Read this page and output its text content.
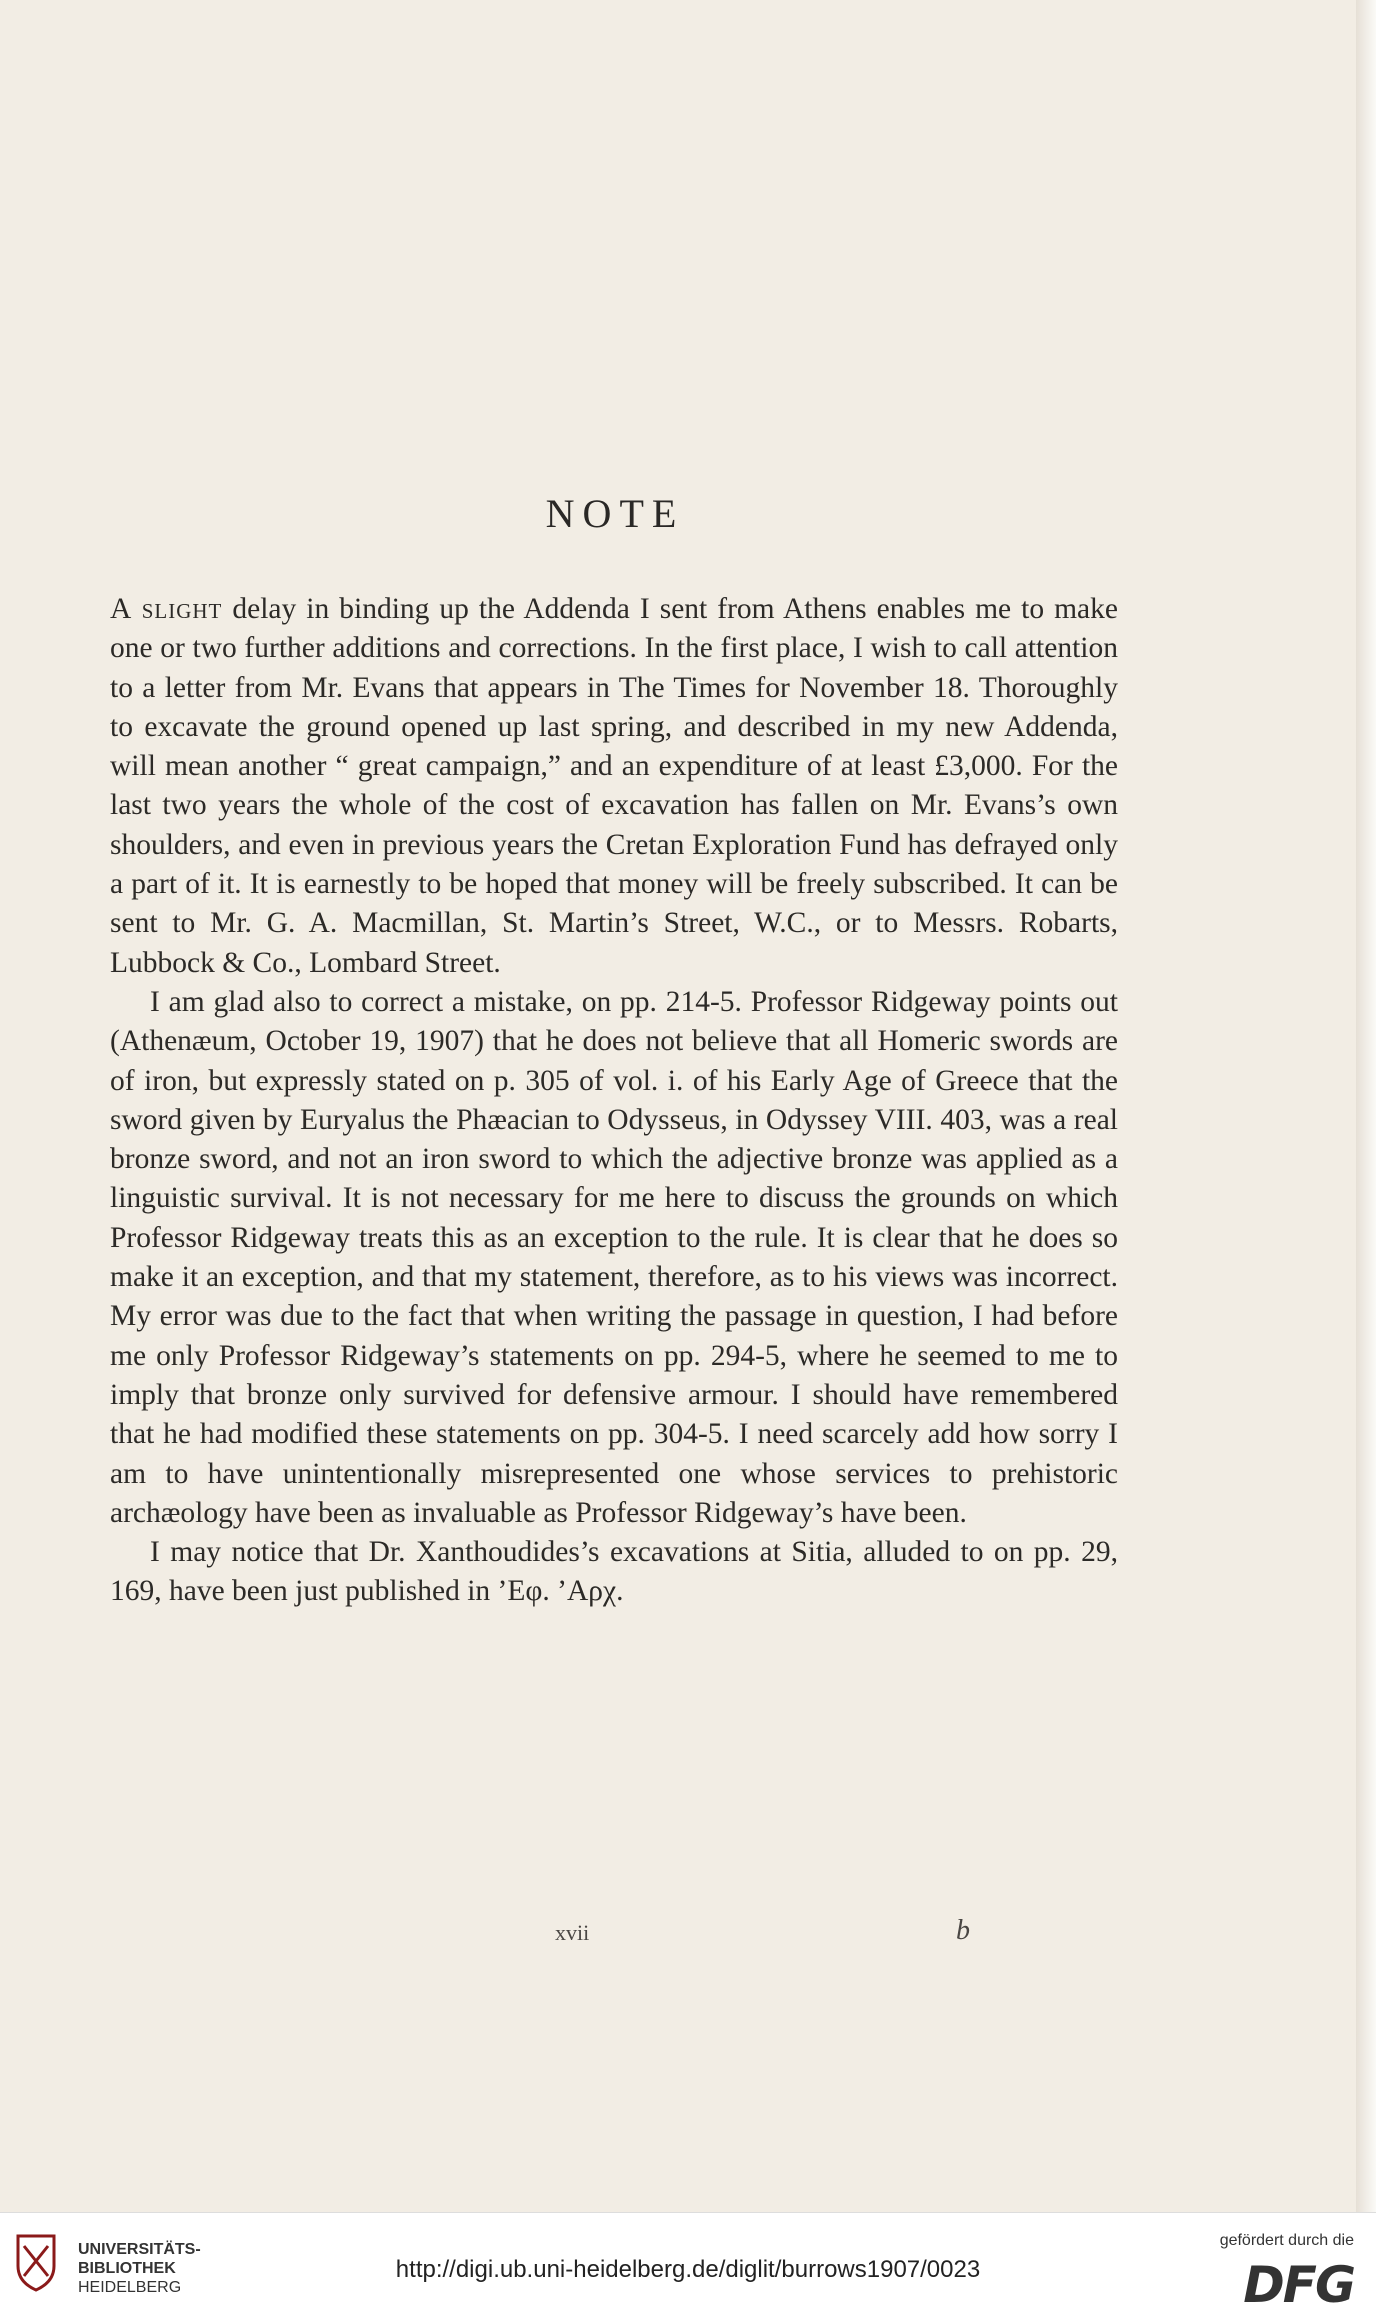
NOTE

A slight delay in binding up the Addenda I sent from Athens enables me to make one or two further additions and corrections. In the first place, I wish to call attention to a letter from Mr. Evans that appears in The Times for November 18. Thoroughly to excavate the ground opened up last spring, and described in my new Addenda, will mean another “ great campaign,” and an expenditure of at least £3,000. For the last two years the whole of the cost of excavation has fallen on Mr. Evans’s own shoulders, and even in previous years the Cretan Exploration Fund has defrayed only a part of it. It is earnestly to be hoped that money will be freely subscribed. It can be sent to Mr. G. A. Macmillan, St. Martin’s Street, W.C., or to Messrs. Robarts, Lubbock & Co., Lombard Street.

I am glad also to correct a mistake, on pp. 214-5. Professor Ridgeway points out (Athenæum, October 19, 1907) that he does not believe that all Homeric swords are of iron, but expressly stated on p. 305 of vol. i. of his Early Age of Greece that the sword given by Euryalus the Phæacian to Odysseus, in Odyssey VIII. 403, was a real bronze sword, and not an iron sword to which the adjective bronze was applied as a linguistic survival. It is not necessary for me here to discuss the grounds on which Professor Ridgeway treats this as an exception to the rule. It is clear that he does so make it an exception, and that my statement, therefore, as to his views was incorrect. My error was due to the fact that when writing the passage in question, I had before me only Professor Ridgeway’s statements on pp. 294-5, where he seemed to me to imply that bronze only survived for defensive armour. I should have remembered that he had modified these statements on pp. 304-5. I need scarcely add how sorry I am to have unintentionally misrepresented one whose services to prehistoric archæology have been as invaluable as Professor Ridgeway’s have been.

I may notice that Dr. Xanthoudides’s excavations at Sitia, alluded to on pp. 29, 169, have been just published in ’Eφ. ’Aρχ.

xvii	b
UNIVERSITÄTS-
BIBLIOTHEK
HEIDELBERG
http://digi.ub.uni-heidelberg.de/diglit/burrows1907/0023
gefördert durch die
DFG
